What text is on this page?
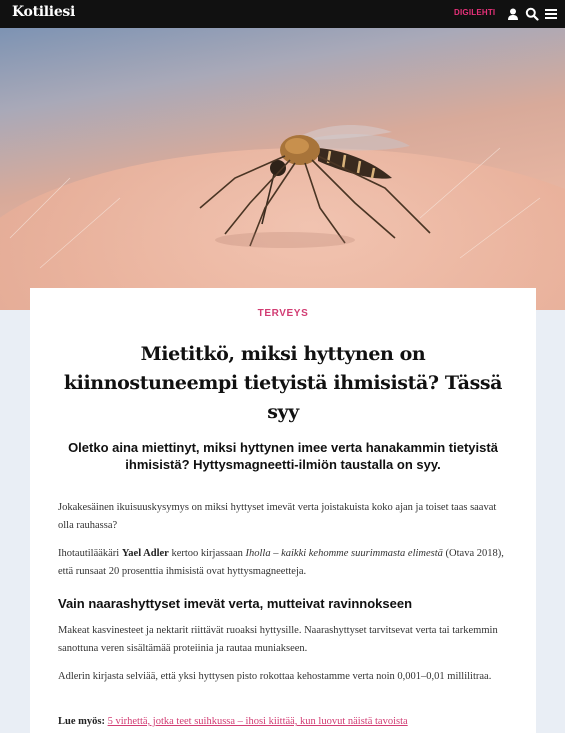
Kotiliesi	DIGILEHTI
TERVEYS
Mietitkö, miksi hyttynen on kiinnostuneempi tietyistä ihmisistä? Tässä syy

Oletko aina miettinyt, miksi hyttynen imee verta hanakammin tietyistä ihmisistä? Hyttysmagneetti-ilmiön taustalla on syy.

Jokakesäinen ikuisuuskysymys on miksi hyttyset imevät verta joistakuista koko ajan ja toiset taas saavat olla rauhassa?

Ihotautilääkäri Yael Adler kertoo kirjassaan Iholla – kaikki kehomme suurimmasta elimestä (Otava 2018), että runsaat 20 prosenttia ihmisistä ovat hyttysmagneetteja.

Vain naarashyttyset imevät verta, mutteivat ravinnokseen

Makeat kasvinesteet ja nektarit riittävät ruoaksi hyttysille. Naarashyttyset tarvitsevat verta tai tarkemmin sanottuna veren sisältämää proteiinia ja rautaa muniakseen.

Adlerin kirjasta selviää, että yksi hyttysen pisto rokottaa kehostamme verta noin 0,001–0,01 millilitraa.

Lue myös: 5 virhettä, jotka teet suihkussa – ihosi kiittää, kun luovut näistä tavoista
